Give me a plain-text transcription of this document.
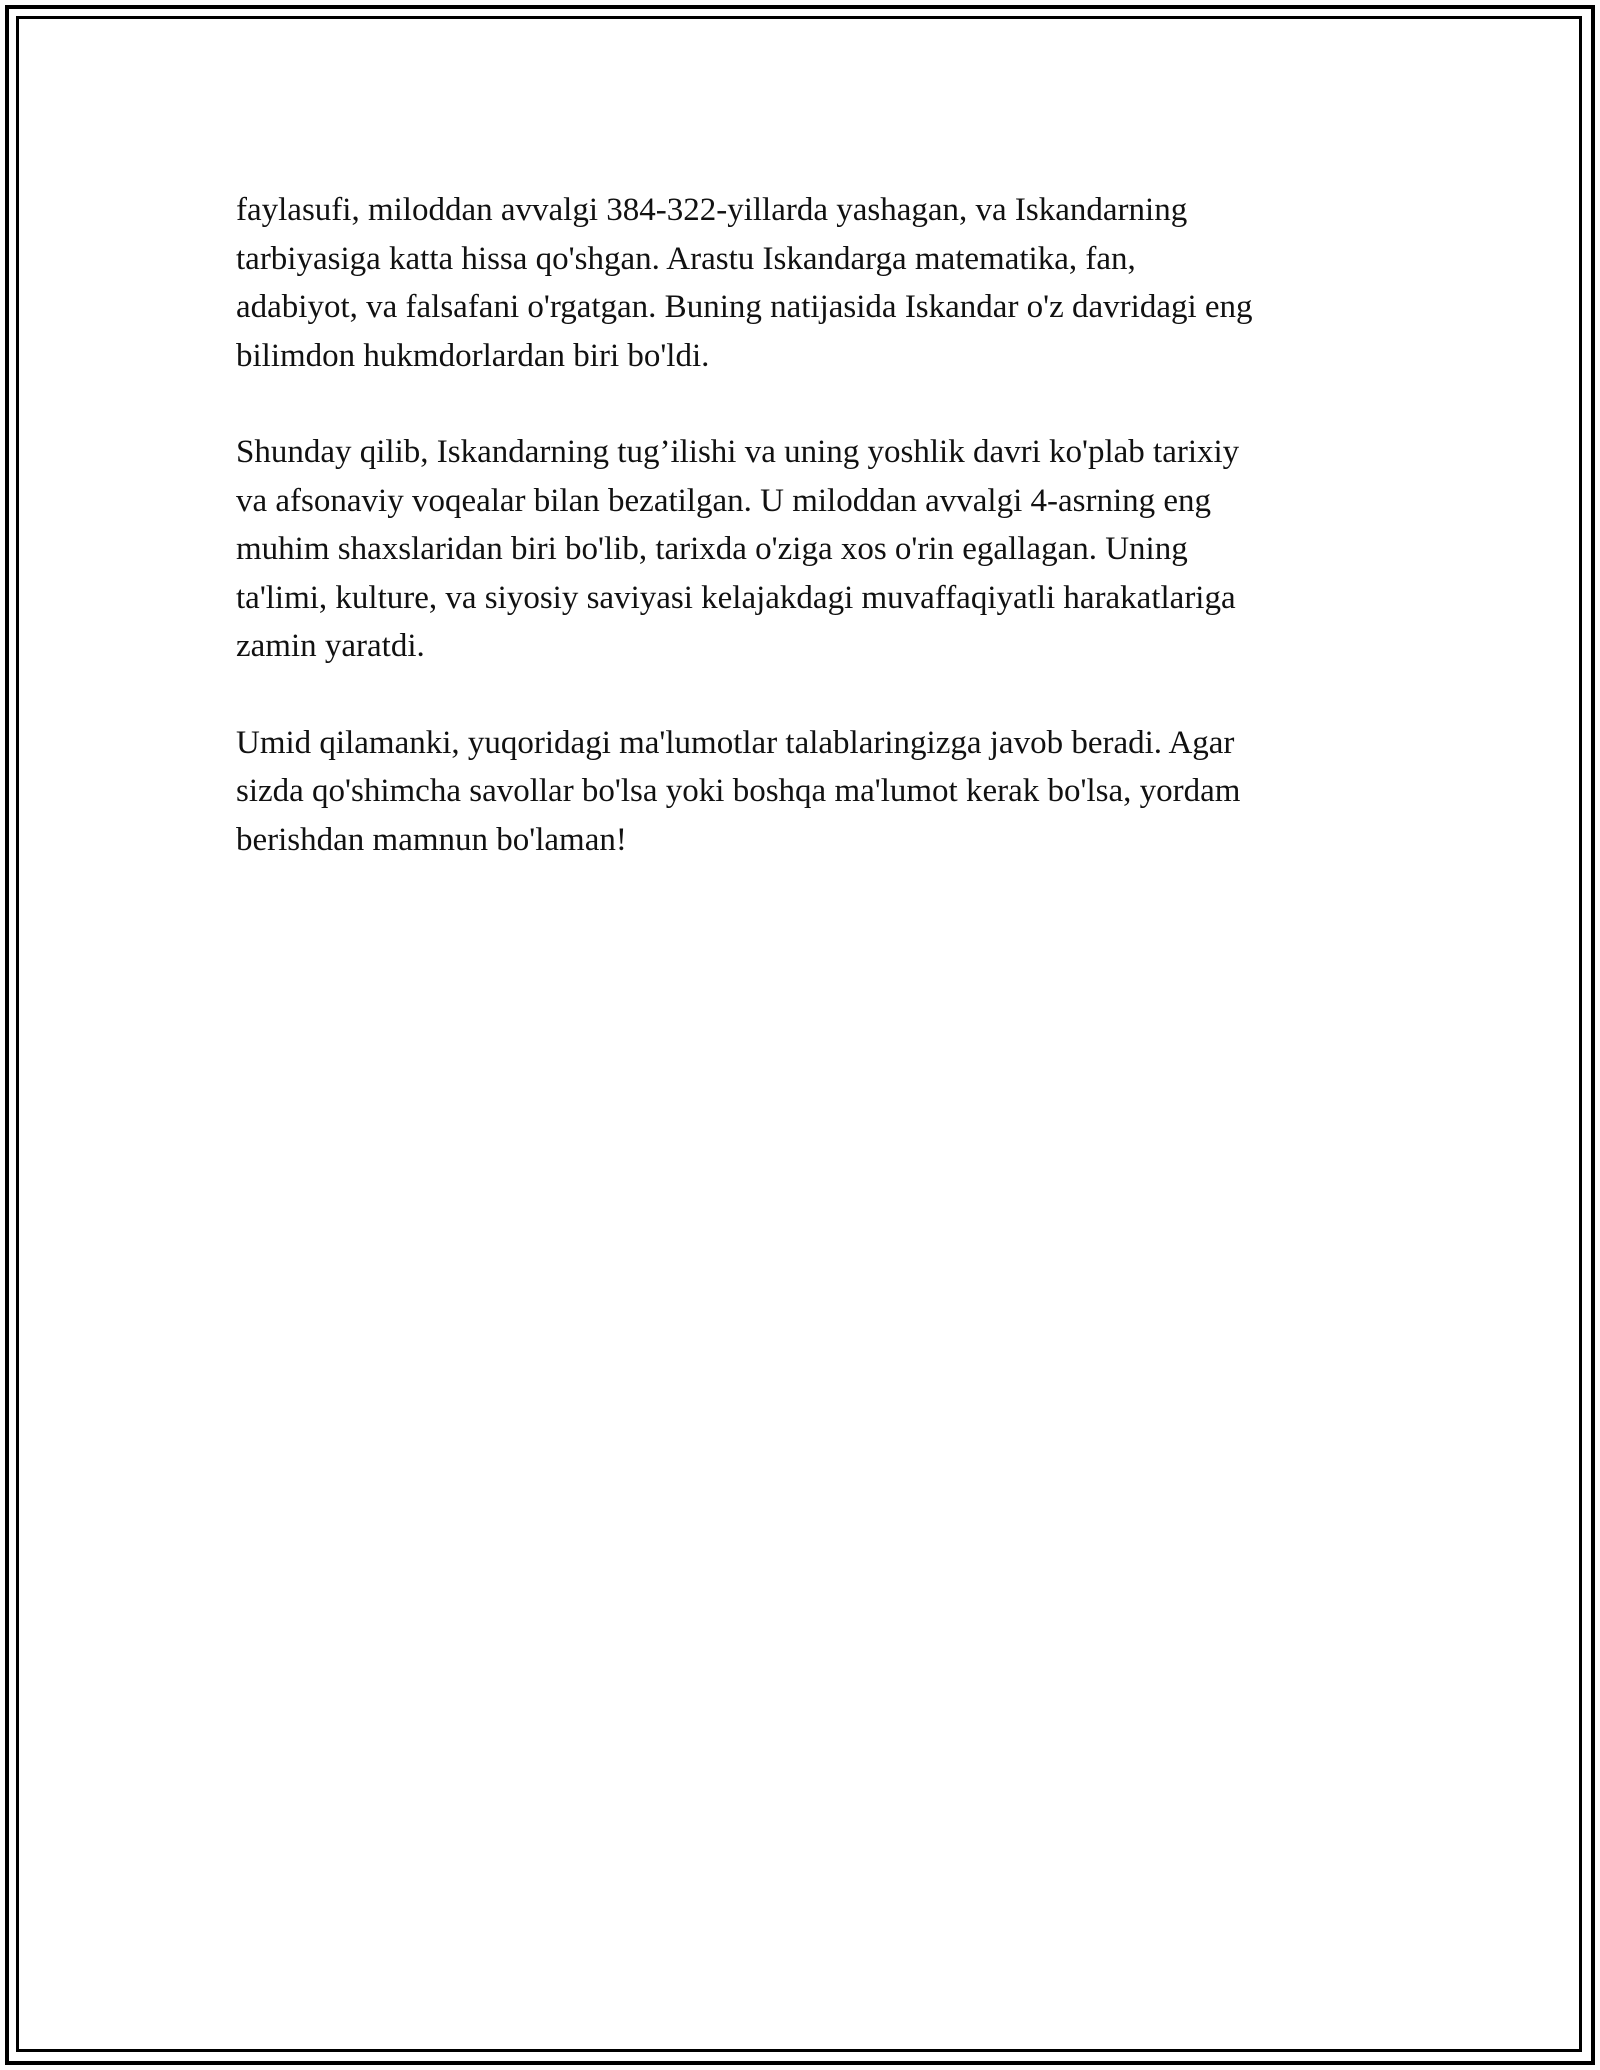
faylasufi, miloddan avvalgi 384-322-yillarda yashagan, va Iskandarning
tarbiyasiga katta hissa qo'shgan. Arastu Iskandarga matematika, fan,
adabiyot, va falsafani o'rgatgan. Buning natijasida Iskandar o'z davridagi eng
bilimdon hukmdorlardan biri bo'ldi.

Shunday qilib, Iskandarning tug’ilishi va uning yoshlik davri ko'plab tarixiy
va afsonaviy voqealar bilan bezatilgan. U miloddan avvalgi 4-asrning eng
muhim shaxslaridan biri bo'lib, tarixda o'ziga xos o'rin egallagan. Uning
ta'limi, kulture, va siyosiy saviyasi kelajakdagi muvaffaqiyatli harakatlariga
zamin yaratdi.

Umid qilamanki, yuqoridagi ma'lumotlar talablaringizga javob beradi. Agar
sizda qo'shimcha savollar bo'lsa yoki boshqa ma'lumot kerak bo'lsa, yordam
berishdan mamnun bo'laman!
